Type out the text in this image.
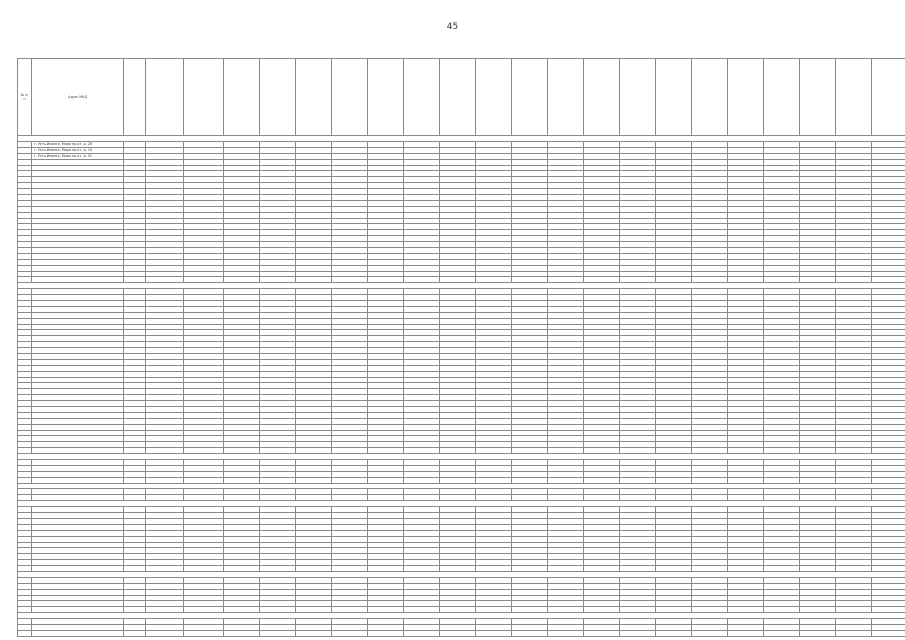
45
№ п/п	Адрес МКД																						

	г. Усть-Илимск, Мира пр-кт, д. 28																						
	г. Усть-Илимск, Мира пр-кт, д. 34																						
	г. Усть-Илимск, Мира пр-кт, д. 51																						
